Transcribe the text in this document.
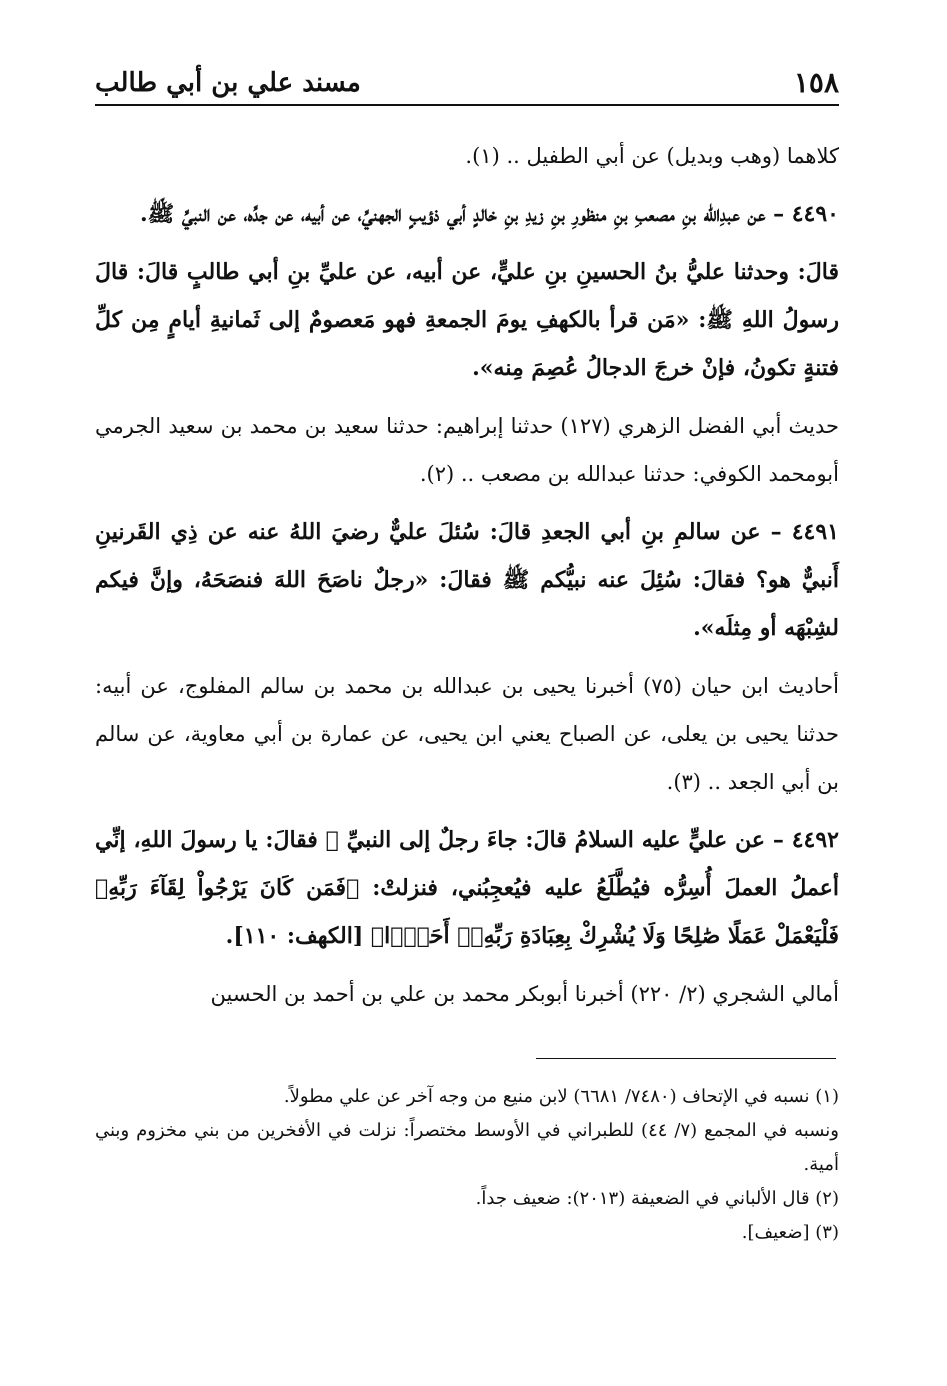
مسند علي بن أبي طالب	١٥٨

كلاهما (وهب وبديل) عن أبي الطفيل .. (١).

٤٤٩٠ – عن عبدِالله بنِ مصعبِ بنِ منظورِ بنِ زيدِ بنِ خالدٍ أبي ذؤيبٍ الجهنيِّ، عن أبيه، عن جدِّه، عن النبيِّ ﷺ.

قالَ: وحدثنا عليُّ بنُ الحسينِ بنِ عليٍّ، عن أبيه، عن عليِّ بنِ أبي طالبٍ قالَ: قالَ رسولُ اللهِ ﷺ: «مَن قرأ بالكهفِ يومَ الجمعةِ فهو مَعصومٌ إلى ثَمانيةِ أيامٍ مِن كلِّ فتنةٍ تكونُ، فإنْ خرجَ الدجالُ عُصِمَ مِنه».

حديث أبي الفضل الزهري (١٢٧) حدثنا إبراهيم: حدثنا سعيد بن محمد بن سعيد الجرمي أبومحمد الكوفي: حدثنا عبدالله بن مصعب .. (٢).

٤٤٩١ – عن سالمِ بنِ أبي الجعدِ قالَ: سُئلَ عليٌّ رضيَ اللهُ عنه عن ذِي القَرنينِ أَنبيٌّ هو؟ فقالَ: سُئِلَ عنه نبيُّكم ﷺ فقالَ: «رجلٌ ناصَحَ اللهَ فنصَحَهُ، وإنَّ فيكم لشِبْهَه أو مِثلَه».

أحاديث ابن حيان (٧٥) أخبرنا يحيى بن عبدالله بن محمد بن سالم المفلوج، عن أبيه: حدثنا يحيى بن يعلى، عن الصباح يعني ابن يحيى، عن عمارة بن أبي معاوية، عن سالم بن أبي الجعد .. (٣).

٤٤٩٢ – عن عليٍّ عليه السلامُ قالَ: جاءَ رجلٌ إلى النبيِّ ﷺ فقالَ: يا رسولَ اللهِ، إنِّي أعملُ العملَ أُسِرُّه فيُطَّلَعُ عليه فيُعجِبُني، فنزلتْ: ﴿فَمَن كَانَ يَرْجُواْ لِقَآءَ رَبِّهِۦ فَلْيَعْمَلْ عَمَلًا صَٰلِحًا وَلَا يُشْرِكْ بِعِبَادَةِ رَبِّهِۦٓ أَحَدًۢا﴾ [الكهف: ١١٠].

أمالي الشجري (٢/ ٢٢٠) أخبرنا أبوبكر محمد بن علي بن أحمد بن الحسين

(١) نسبه في الإتحاف (٧٤٨٠/ ٦٦٨١) لابن منيع من وجه آخر عن علي مطولاً.

ونسبه في المجمع (٧/ ٤٤) للطبراني في الأوسط مختصراً: نزلت في الأفخرين من بني مخزوم وبني أمية.

(٢) قال الألباني في الضعيفة (٢٠١٣): ضعيف جداً.

(٣) [ضعيف].
